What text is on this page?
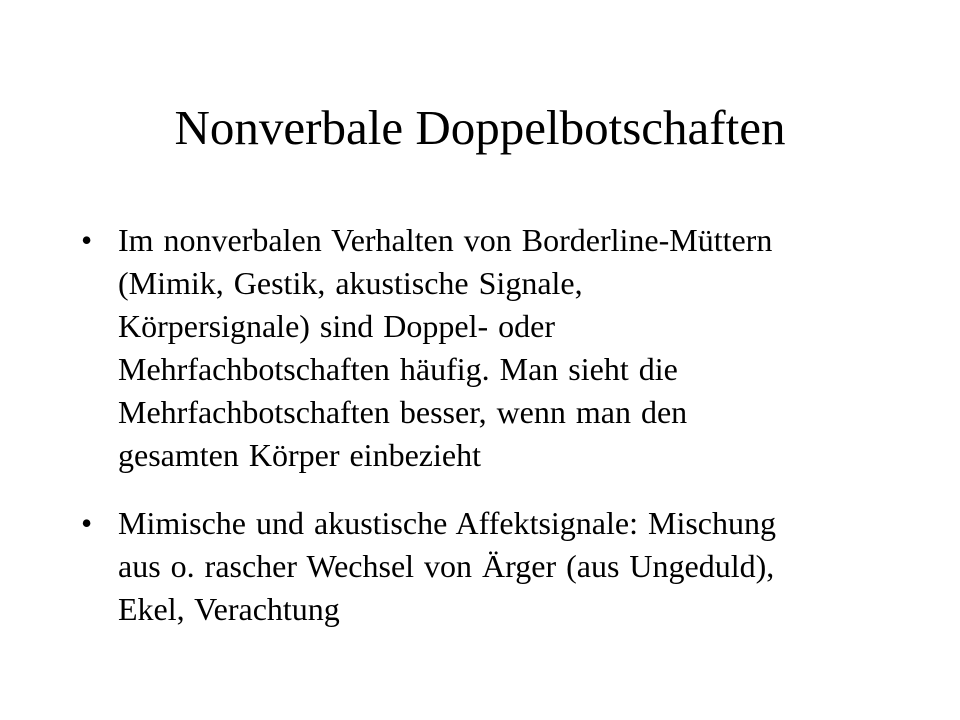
Nonverbale Doppelbotschaften
• Im nonverbalen Verhalten von Borderline-Müttern
(Mimik, Gestik, akustische Signale,
Körpersignale) sind Doppel- oder
Mehrfachbotschaften häufig. Man sieht die
Mehrfachbotschaften besser, wenn man den
gesamten Körper einbezieht
• Mimische und akustische Affektsignale: Mischung
aus o. rascher Wechsel von Ärger (aus Ungeduld),
Ekel, Verachtung
